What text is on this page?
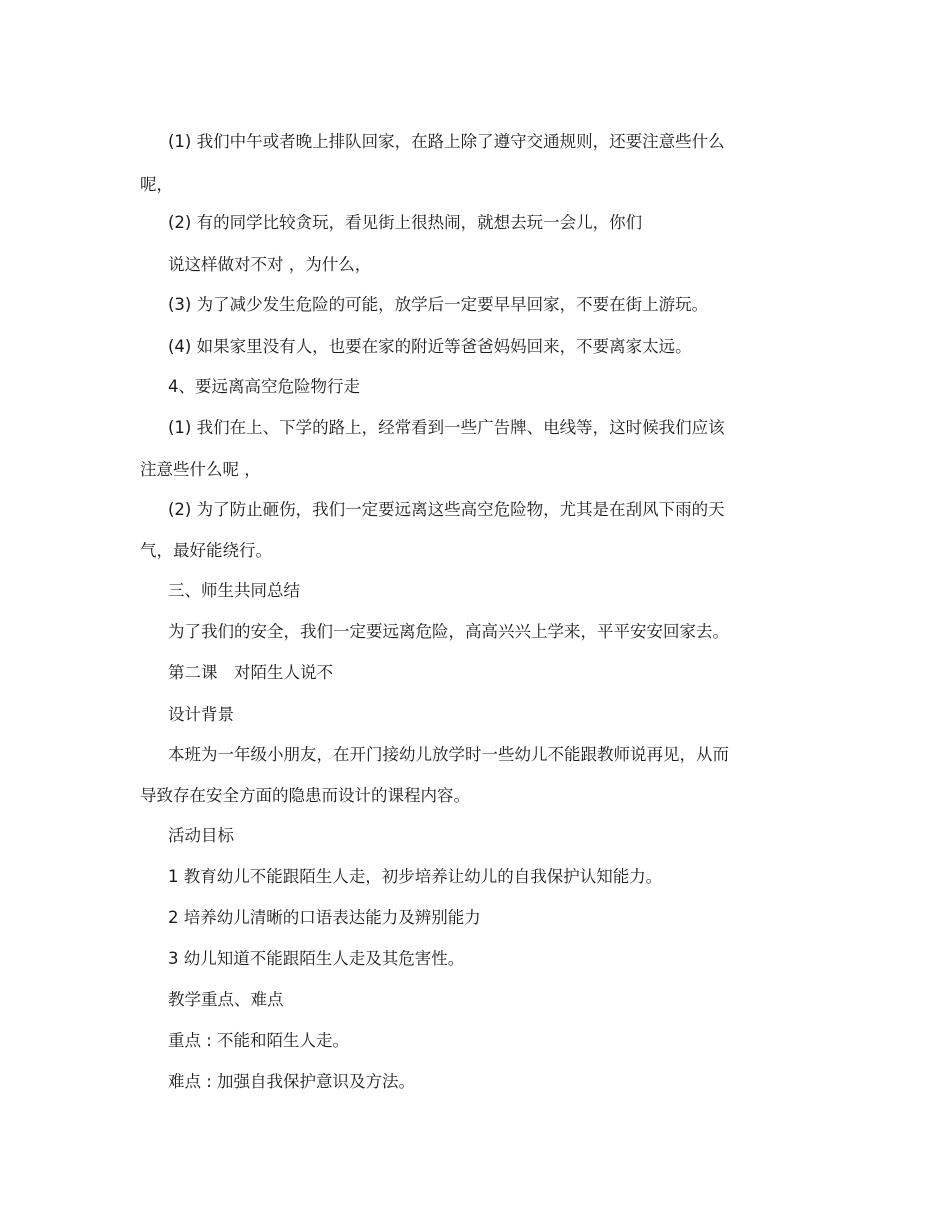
(1) 我们中午或者晚上排队回家，在路上除了遵守交通规则，还要注意些什么

呢，

(2) 有的同学比较贪玩，看见街上很热闹，就想去玩一会儿，你们

说这样做对不对 ，为什么，

(3) 为了减少发生危险的可能，放学后一定要早早回家，不要在街上游玩。

(4) 如果家里没有人，也要在家的附近等爸爸妈妈回来，不要离家太远。

4、要远离高空危险物行走

(1) 我们在上、下学的路上，经常看到一些广告牌、电线等，这时候我们应该

注意些什么呢 ，

(2) 为了防止砸伤，我们一定要远离这些高空危险物，尤其是在刮风下雨的天

气，最好能绕行。

三、师生共同总结

为了我们的安全，我们一定要远离危险，高高兴兴上学来，平平安安回家去。

第二课　对陌生人说不

设计背景

本班为一年级小朋友，在开门接幼儿放学时一些幼儿不能跟教师说再见，从而

导致存在安全方面的隐患而设计的课程内容。

活动目标

1 教育幼儿不能跟陌生人走，初步培养让幼儿的自我保护认知能力。

2 培养幼儿清晰的口语表达能力及辨别能力

3 幼儿知道不能跟陌生人走及其危害性。

教学重点、难点

重点 : 不能和陌生人走。

难点 : 加强自我保护意识及方法。
